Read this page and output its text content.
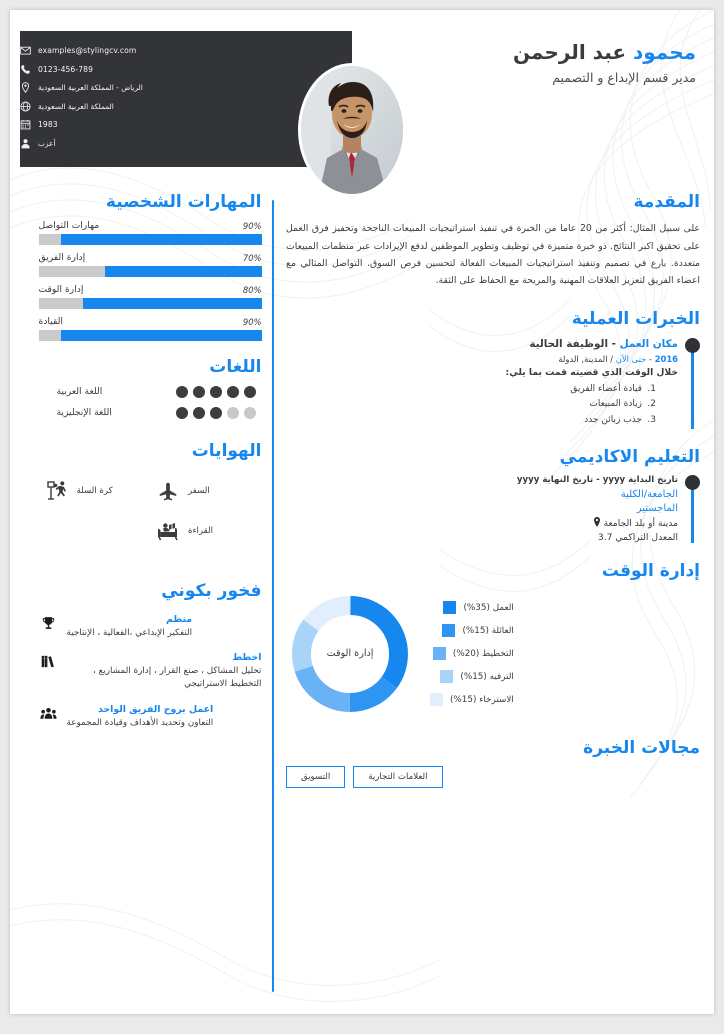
examples@stylingcv.com
0123-456-789
الرياض - المملكة العربية السعودية
المملكة العربية السعودية
1983
أعزب
محمود عبد الرحمن
مدير قسم الإبداع و التصميم
المقدمة
على سبيل المثال: أكثر من 20 عاما من الخبرة في تنفيذ استراتيجيات المبيعات الناجحة وتحفيز فرق العمل على تحقيق اكبر النتائج. ذو خبرة متميزة في توظيف وتطوير الموظفين لدفع الإيرادات عبر منظمات المبيعات متعددة. بارع في تصميم وتنفيذ استراتيجيات المبيعات الفعالة لتحسين فرص السوق. التواصل المثالي مع اعضاء الفريق لتعزيز العلاقات المهنية والمريحة مع الحفاظ على الثقة.
الخبرات العملية
مكان العمل - الوظيفة الحالية
2016 - حتى الآن / المدينة, الدولة
خلال الوقت الذي قضيته قمت بما يلي:
1.قيادة أعضاء الفريق
2.زيادة المبيعات
3.جذب زبائن جدد
التعليم الاكاديمي
تاريخ البداية yyyy - تاريخ النهاية yyyy
الجامعة/الكلية
الماجستير
مدينة أو بلد الجامعة
المعدل التراكمي 3.7
إدارة الوقت
إدارة الوقت
العمل (35%)
العائلة (15%)
التخطيط (20%)
الترفيه (15%)
الاسترخاء (15%)
مجالات الخبرة
العلامات التجارية
التسويق
المهارات الشخصية
90%
مهارات التواصل
70%
إدارة الفريق
80%
إدارة الوقت
90%
القيادة
اللغات
اللغة العربية
اللغة الإنجليزية
الهوايات
السفر
كرة السلة
القراءة
فخور بكوني
منظم
التفكير الإبداعي ،الفعالية ، الإنتاجية
اخطط
تحليل المشاكل ، صنع القرار ، إدارة المشاريع ، التخطيط الاستراتيجي
اعمل بروح الفريق الواحد
التعاون وتحديد الأهداف وقيادة المجموعة
